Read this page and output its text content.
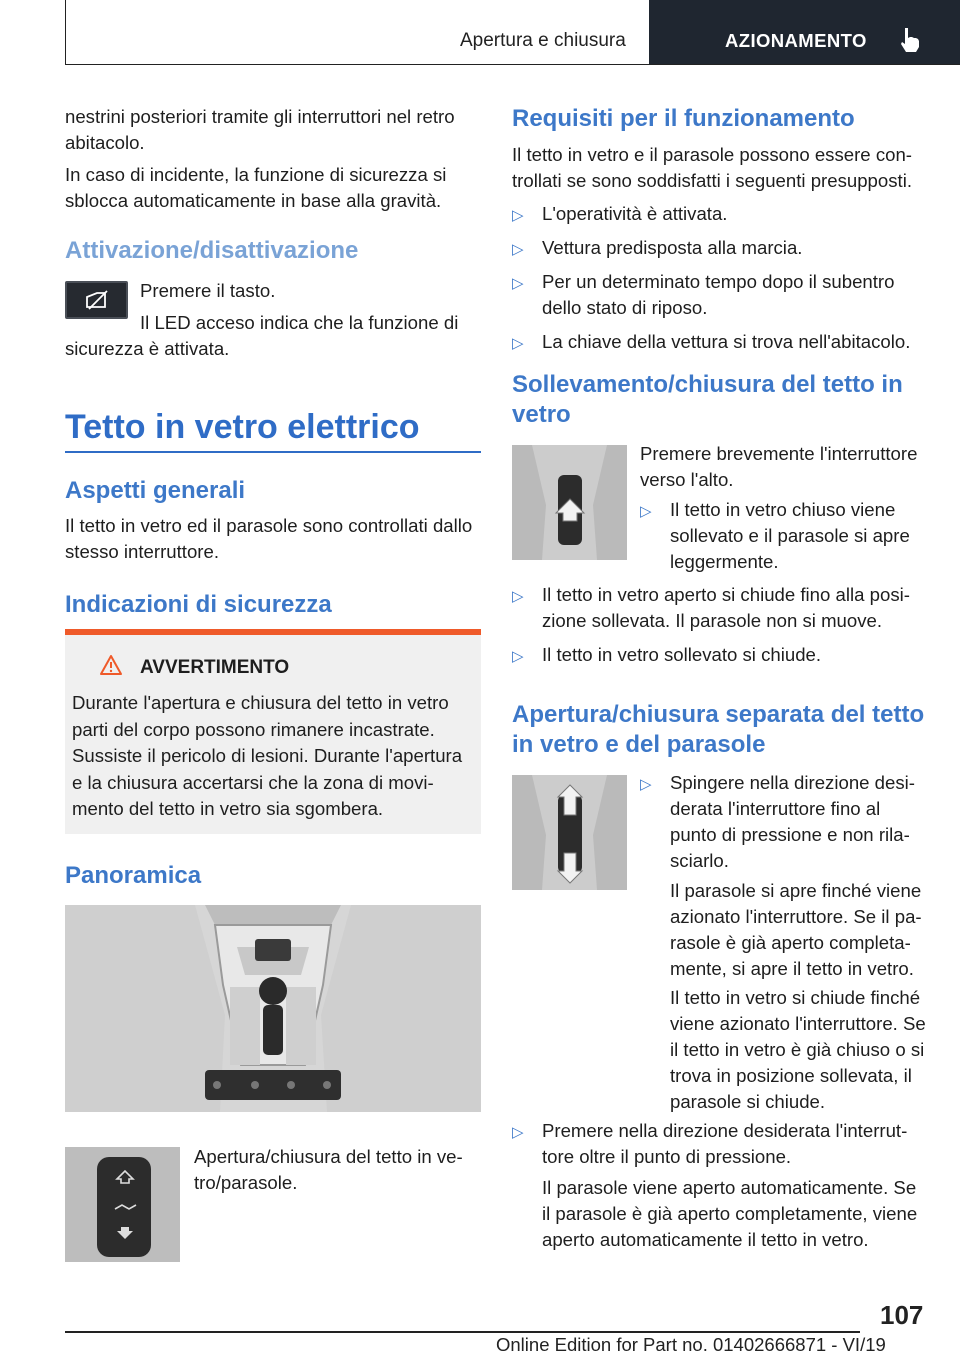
Apertura e chiusura	AZIONAMENTO

nestrini posteriori tramite gli interruttori nel retro abitacolo.

In caso di incidente, la funzione di sicurezza si sblocca automaticamente in base alla gravità.

Attivazione/disattivazione

Premere il tasto.

Il LED acceso indica che la funzione di

sicurezza è attivata.

Tetto in vetro elettrico
Aspetti generali

Il tetto in vetro ed il parasole sono controllati dallo stesso interruttore.

Indicazioni di sicurezza
AVVERTIMENTO

Durante l'apertura e chiusura del tetto in vetro parti del corpo possono rimanere incastrate. Sussiste il pericolo di lesioni. Durante l'apertura e la chiusura accertarsi che la zona di movimento del tetto in vetro sia sgombera.

Panoramica

Apertura/chiusura del tetto in vetro/parasole.

Requisiti per il funzionamento

Il tetto in vetro e il parasole possono essere controllati se sono soddisfatti i seguenti presupposti.

▷ L'operatività è attivata.
▷ Vettura predisposta alla marcia.
▷ Per un determinato tempo dopo il subentro dello stato di riposo.
▷ La chiave della vettura si trova nell'abitacolo.
Sollevamento/chiusura del tetto in vetro

Premere brevemente l'interruttore verso l'alto.

▷ Il tetto in vetro chiuso viene sollevato e il parasole si apre leggermente.
▷ Il tetto in vetro aperto si chiude fino alla posizione sollevata. Il parasole non si muove.
▷ Il tetto in vetro sollevato si chiude.
Apertura/chiusura separata del tetto in vetro e del parasole
▷ Spingere nella direzione desiderata l'interruttore fino al punto di pressione e non rilasciarlo.

Il parasole si apre finché viene azionato l'interruttore. Se il parasole è già aperto completamente, si apre il tetto in vetro.

Il tetto in vetro si chiude finché viene azionato l'interruttore. Se il tetto in vetro è già chiuso o si trova in posizione sollevata, il parasole si chiude.

▷ Premere nella direzione desiderata l'interruttore oltre il punto di pressione.

Il parasole viene aperto automaticamente. Se il parasole è già aperto completamente, viene aperto automaticamente il tetto in vetro.

107
Online Edition for Part no. 01402666871 - VI/19
